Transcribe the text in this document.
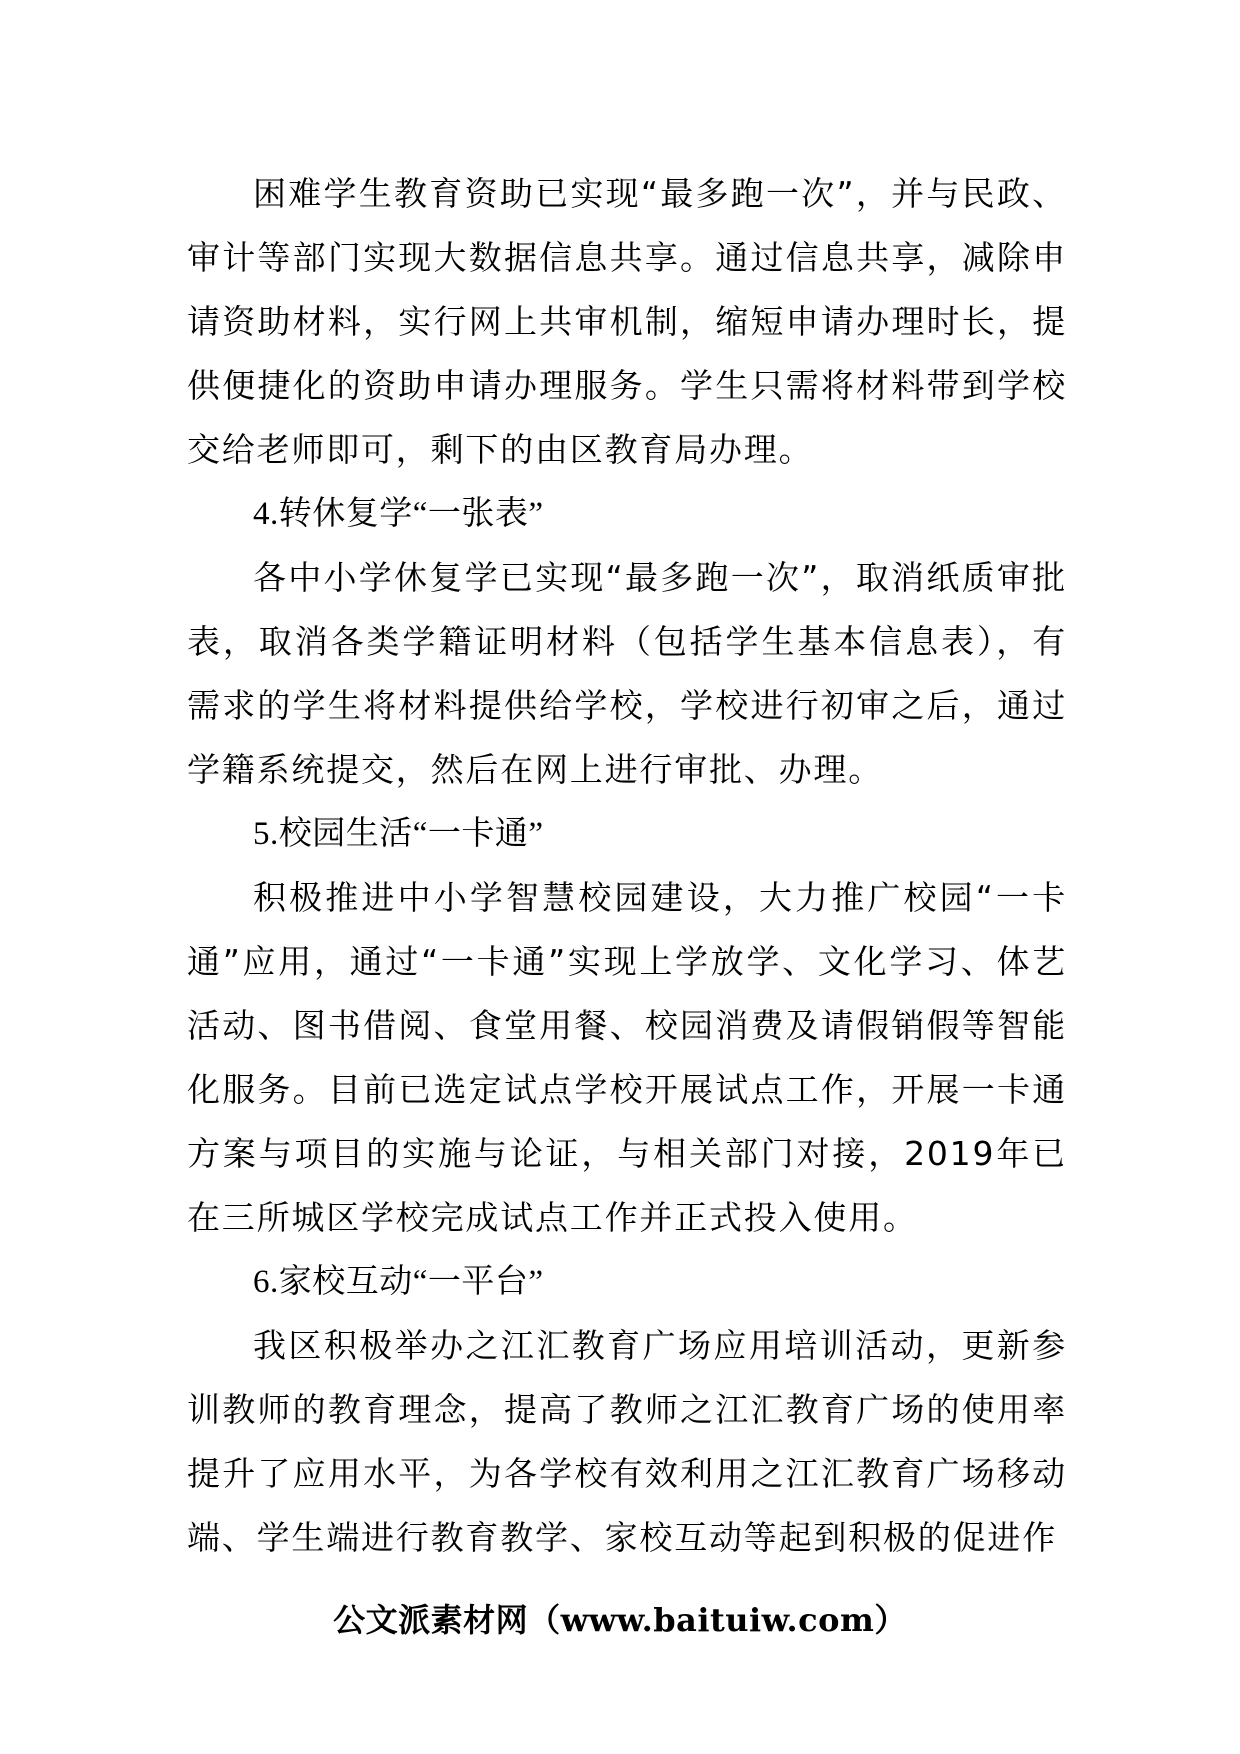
困难学生教育资助已实现“最多跑一次”，并与民政、审计等部门实现大数据信息共享。通过信息共享，减除申请资助材料，实行网上共审机制，缩短申请办理时长，提供便捷化的资助申请办理服务。学生只需将材料带到学校交给老师即可，剩下的由区教育局办理。

4.转休复学“一张表”

各中小学休复学已实现“最多跑一次”，取消纸质审批表，取消各类学籍证明材料（包括学生基本信息表），有需求的学生将材料提供给学校，学校进行初审之后，通过学籍系统提交，然后在网上进行审批、办理。

5.校园生活“一卡通”

积极推进中小学智慧校园建设，大力推广校园“一卡通”应用，通过“一卡通”实现上学放学、文化学习、体艺活动、图书借阅、食堂用餐、校园消费及请假销假等智能化服务。目前已选定试点学校开展试点工作，开展一卡通方案与项目的实施与论证，与相关部门对接，2019年已在三所城区学校完成试点工作并正式投入使用。

6.家校互动“一平台”

我区积极举办之江汇教育广场应用培训活动，更新参训教师的教育理念，提高了教师之江汇教育广场的使用率提升了应用水平，为各学校有效利用之江汇教育广场移动端、学生端进行教育教学、家校互动等起到积极的促进作

公文派素材网（www.baituiw.com）
